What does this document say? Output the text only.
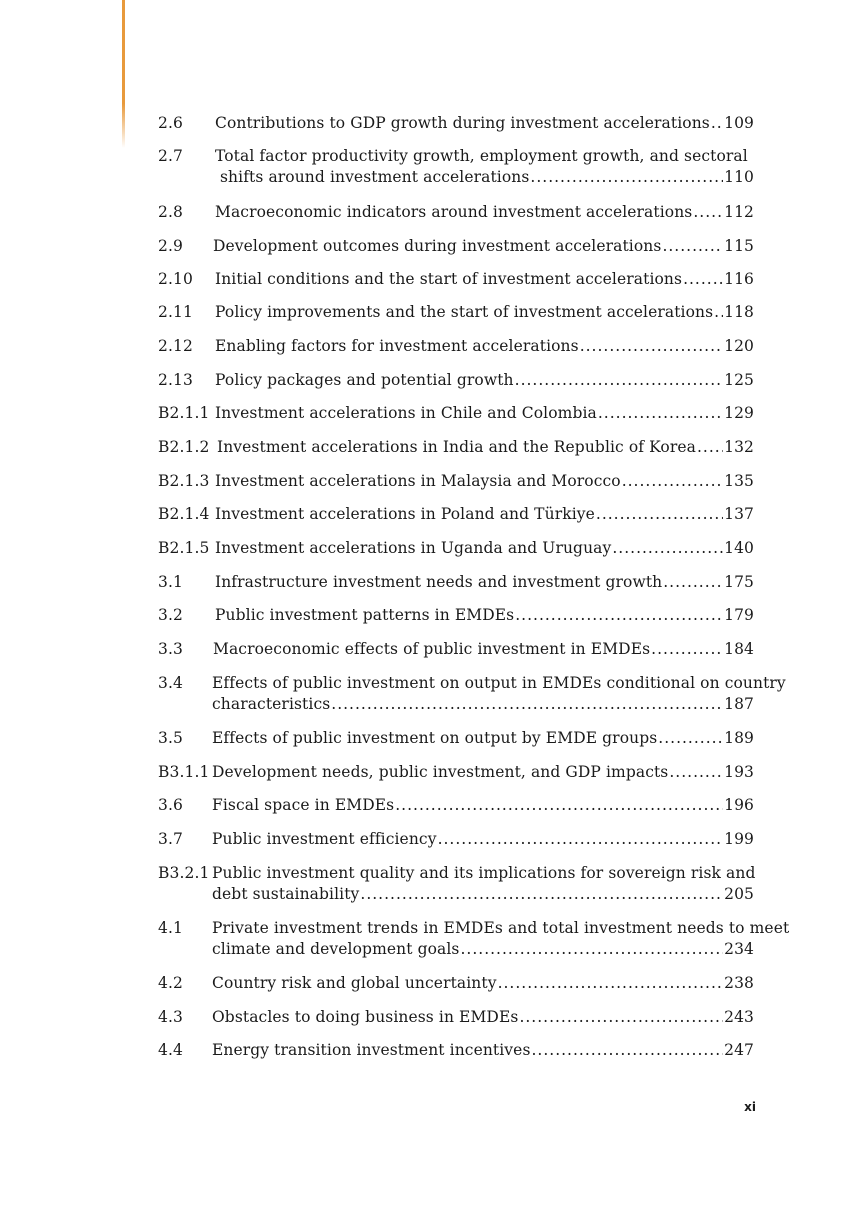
2.6 Contributions to GDP growth during investment accelerations ..... 109
2.7 Total factor productivity growth, employment growth, and sectoral
shifts around investment accelerations .....	110
2.8 Macroeconomic indicators around investment accelerations ..... 112
2.9 Development outcomes during investment accelerations .....	115
2.10 Initial conditions and the start of investment accelerations .....	116
2.11 Policy improvements and the start of investment accelerations ..... 118
2.12 Enabling factors for investment accelerations .....	120
2.13 Policy packages and potential growth .....	125
B2.1.1 Investment accelerations in Chile and Colombia .....	129
B2.1.2 Investment accelerations in India and the Republic of Korea ..... 132
B2.1.3 Investment accelerations in Malaysia and Morocco .....	135
B2.1.4 Investment accelerations in Poland and Türkiye .....	137
B2.1.5 Investment accelerations in Uganda and Uruguay .....	140
3.1 Infrastructure investment needs and investment growth .....	175
3.2 Public investment patterns in EMDEs .....	179
3.3 Macroeconomic effects of public investment in EMDEs .....	184
3.4 Effects of public investment on output in EMDEs conditional on country
characteristics .....	187
3.5 Effects of public investment on output by EMDE groups .....	189
B3.1.1 Development needs, public investment, and GDP impacts .....	193
3.6 Fiscal space in EMDEs .....	196
3.7 Public investment efficiency .....	199
B3.2.1 Public investment quality and its implications for sovereign risk and
debt sustainability .....	205
4.1 Private investment trends in EMDEs and total investment needs to meet
climate and development goals .....	234
4.2 Country risk and global uncertainty .....	238
4.3 Obstacles to doing business in EMDEs .....	243
4.4 Energy transition investment incentives .....	247
xi
